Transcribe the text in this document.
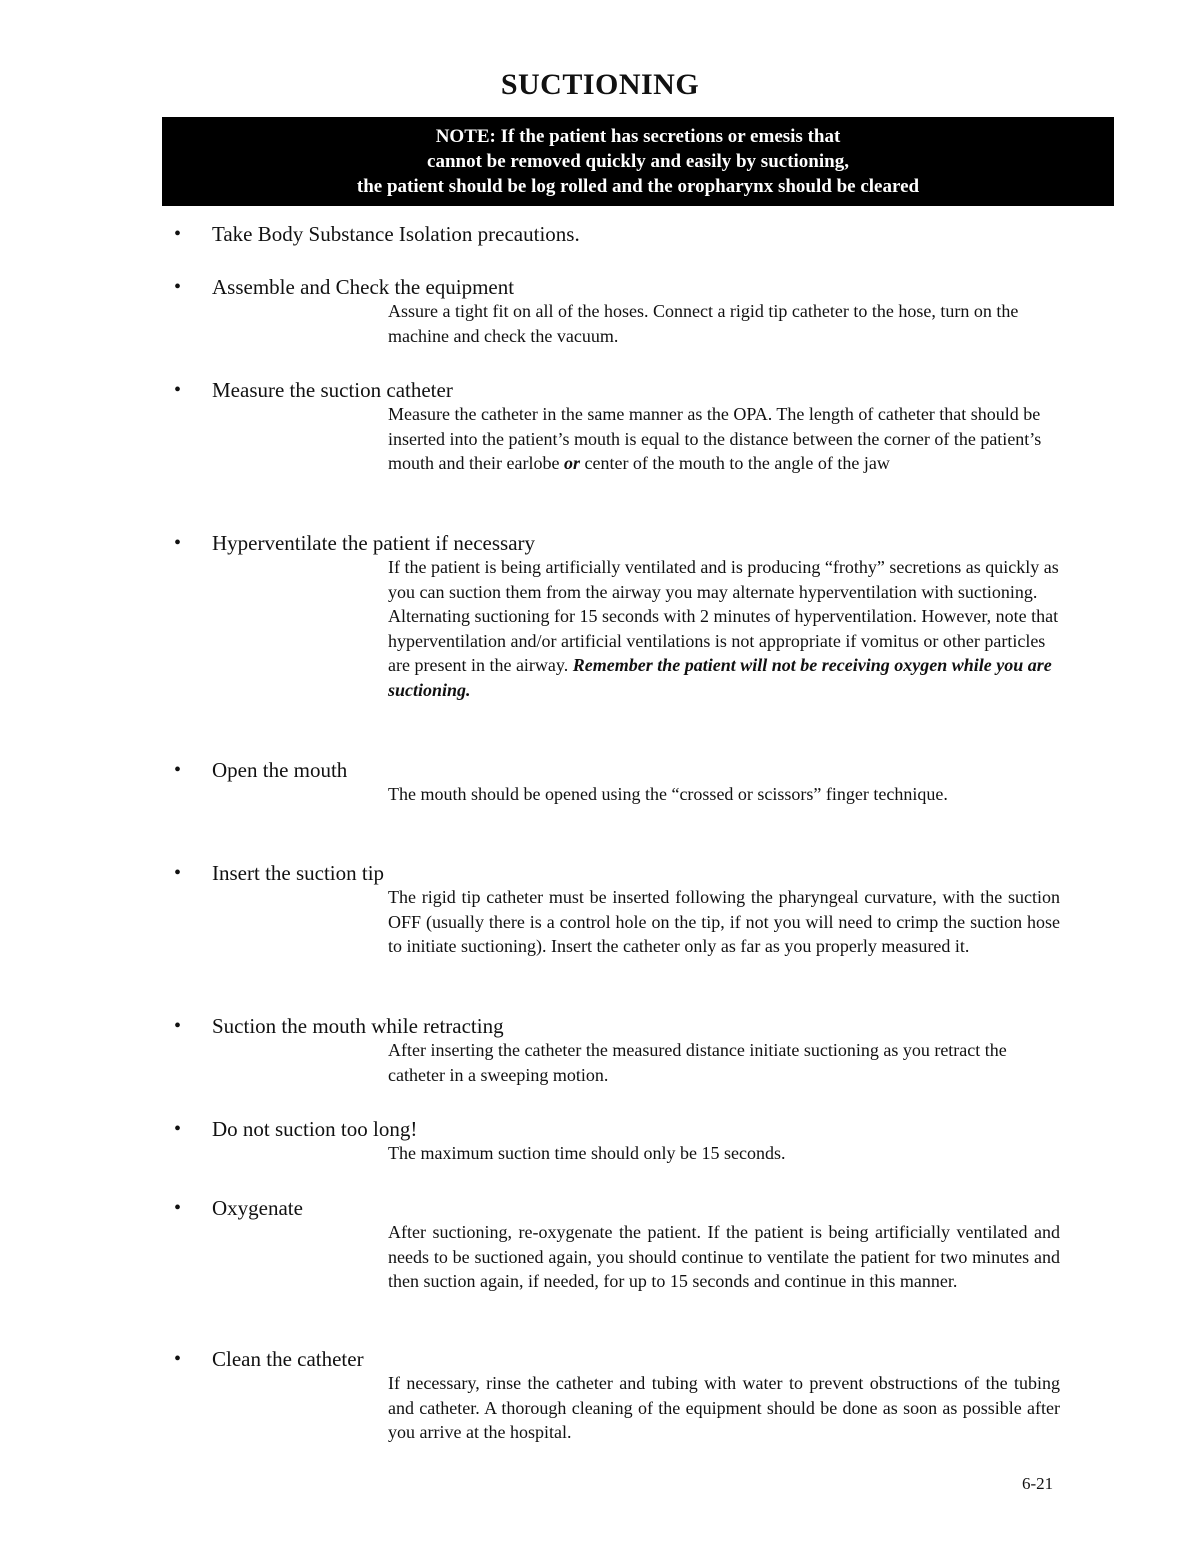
SUCTIONING
NOTE: If the patient has secretions or emesis that
cannot be removed quickly and easily by suctioning,
the patient should be log rolled and the oropharynx should be cleared
• Take Body Substance Isolation precautions.
• Assemble and Check the equipment
Assure a tight fit on all of the hoses. Connect a rigid tip catheter to the hose, turn on the machine and check the vacuum.
• Measure the suction catheter
Measure the catheter in the same manner as the OPA. The length of catheter that should be inserted into the patient’s mouth is equal to the distance between the corner of the patient’s mouth and their earlobe or center of the mouth to the angle of the jaw
• Hyperventilate the patient if necessary
If the patient is being artificially ventilated and is producing “frothy” secretions as quickly as you can suction them from the airway you may alternate hyperventilation with suctioning. Alternating suctioning for 15 seconds with 2 minutes of hyperventilation. However, note that hyperventilation and/or artificial ventilations is not appropriate if vomitus or other particles are present in the airway. Remember the patient will not be receiving oxygen while you are suctioning.
• Open the mouth
The mouth should be opened using the “crossed or scissors” finger technique.
• Insert the suction tip
The rigid tip catheter must be inserted following the pharyngeal curvature, with the suction OFF (usually there is a control hole on the tip, if not you will need to crimp the suction hose to initiate suctioning). Insert the catheter only as far as you properly measured it.
• Suction the mouth while retracting
After inserting the catheter the measured distance initiate suctioning as you retract the catheter in a sweeping motion.
• Do not suction too long!
The maximum suction time should only be 15 seconds.
• Oxygenate
After suctioning, re-oxygenate the patient. If the patient is being artificially ventilated and needs to be suctioned again, you should continue to ventilate the patient for two minutes and then suction again, if needed, for up to 15 seconds and continue in this manner.
• Clean the catheter
If necessary, rinse the catheter and tubing with water to prevent obstructions of the tubing and catheter. A thorough cleaning of the equipment should be done as soon as possible after you arrive at the hospital.
6-21
